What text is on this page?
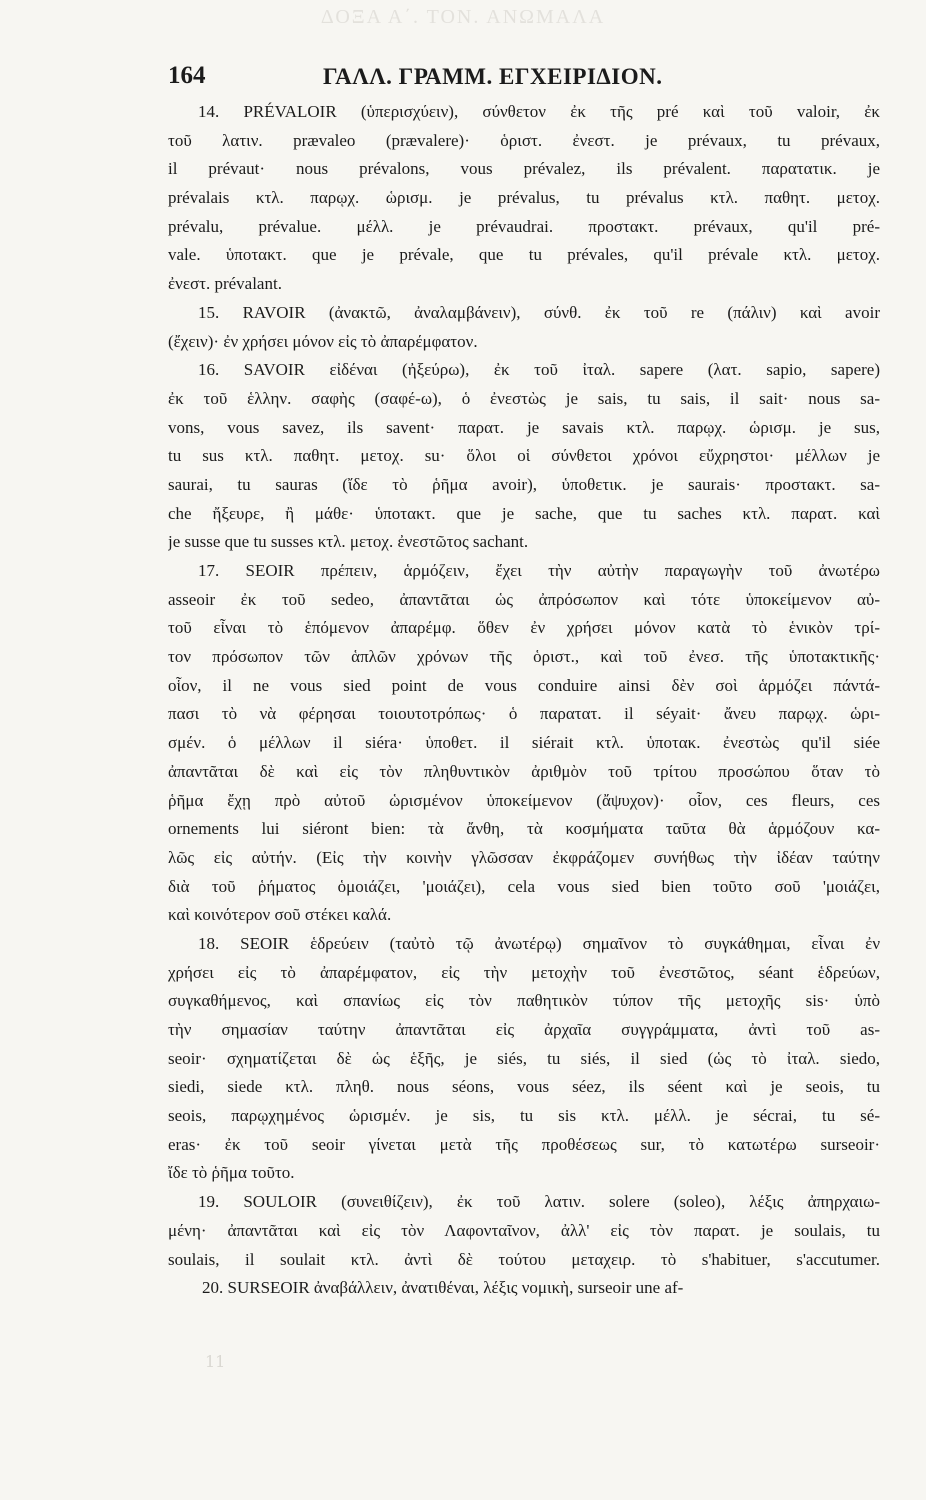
ΔΟΞΑ Α΄. ΤΟΝ. ΑΝΩΜΑΛΑ
164	ΓΑΛΛ. ΓΡΑΜΜ. ΕΓΧΕΙΡΙΔΙΟΝ.
14. PRÉVALOIR (ὑπερισχύειν), σύνθετον ἐκ τῆς pré καὶ τοῦ valoir, ἐκ
τοῦ λατιν. prævaleo (prævalere)· ὁριστ. ἐνεστ. je prévaux, tu prévaux,
il prévaut· nous prévalons, vous prévalez, ils prévalent. παρατατικ. je
prévalais κτλ. παρῳχ. ὡρισμ. je prévalus, tu prévalus κτλ. παθητ. μετοχ.
prévalu, prévalue. μέλλ. je prévaudrai. προστακτ. prévaux, qu'il pré-
vale. ὑποτακτ. que je prévale, que tu prévales, qu'il prévale κτλ. μετοχ.
ἐνεστ. prévalant.
15. RAVOIR (ἀνακτῶ, ἀναλαμβάνειν), σύνθ. ἐκ τοῦ re (πάλιν) καὶ avoir
(ἔχειν)· ἐν χρήσει μόνον εἰς τὸ ἀπαρέμφατον.
16. SAVOIR εἰδέναι (ἠξεύρω), ἐκ τοῦ ἰταλ. sapere (λατ. sapio, sapere)
ἐκ τοῦ ἑλλην. σαφὴς (σαφέ-ω), ὁ ἐνεστὼς je sais, tu sais, il sait· nous sa-
vons, vous savez, ils savent· παρατ. je savais κτλ. παρῳχ. ὡρισμ. je sus,
tu sus κτλ. παθητ. μετοχ. su· ὅλοι οἱ σύνθετοι χρόνοι εὔχρηστοι· μέλλων je
saurai, tu sauras (ἴδε τὸ ῥῆμα avoir), ὑποθετικ. je saurais· προστακτ. sa-
che ἤξευρε, ἢ μάθε· ὑποτακτ. que je sache, que tu saches κτλ. παρατ. καὶ
je susse que tu susses κτλ. μετοχ. ἐνεστῶτος sachant.
17. SEOIR πρέπειν, ἁρμόζειν, ἔχει τὴν αὐτὴν παραγωγὴν τοῦ ἀνωτέρω
asseoir ἐκ τοῦ sedeo, ἀπαντᾶται ὡς ἀπρόσωπον καὶ τότε ὑποκείμενον αὐ-
τοῦ εἶναι τὸ ἑπόμενον ἀπαρέμφ. ὅθεν ἐν χρήσει μόνον κατὰ τὸ ἑνικὸν τρί-
τον πρόσωπον τῶν ἁπλῶν χρόνων τῆς ὁριστ., καὶ τοῦ ἐνεσ. τῆς ὑποτακτικῆς·
οἷον, il ne vous sied point de vous conduire ainsi δὲν σοὶ ἁρμόζει πάντά-
πασι τὸ νὰ φέρησαι τοιουτοτρόπως· ὁ παρατατ. il séyait· ἄνευ παρῳχ. ὡρι-
σμέν. ὁ μέλλων il siéra· ὑποθετ. il siérait κτλ. ὑποτακ. ἐνεστὼς qu'il siée
ἀπαντᾶται δὲ καὶ εἰς τὸν πληθυντικὸν ἀριθμὸν τοῦ τρίτου προσώπου ὅταν τὸ
ῥῆμα ἔχῃ πρὸ αὐτοῦ ὡρισμένον ὑποκείμενον (ἄψυχον)· οἷον, ces fleurs, ces
ornements lui siéront bien: τὰ ἄνθη, τὰ κοσμήματα ταῦτα θὰ ἁρμόζουν κα-
λῶς εἰς αὐτήν. (Εἰς τὴν κοινὴν γλῶσσαν ἐκφράζομεν συνήθως τὴν ἰδέαν ταύτην
διὰ τοῦ ῥήματος ὁμοιάζει, 'μοιάζει), cela vous sied bien τοῦτο σοῦ 'μοιάζει,
καὶ κοινότερον σοῦ στέκει καλά.
18. SEOIR ἑδρεύειν (ταὐτὸ τῷ ἀνωτέρῳ) σημαῖνον τὸ συγκάθημαι, εἶναι ἐν
χρήσει εἰς τὸ ἀπαρέμφατον, εἰς τὴν μετοχὴν τοῦ ἐνεστῶτος, séant ἑδρεύων,
συγκαθήμενος, καὶ σπανίως εἰς τὸν παθητικὸν τύπον τῆς μετοχῆς sis· ὑπὸ
τὴν σημασίαν ταύτην ἀπαντᾶται εἰς ἀρχαῖα συγγράμματα, ἀντὶ τοῦ as-
seoir· σχηματίζεται δὲ ὡς ἑξῆς, je siés, tu siés, il sied (ὡς τὸ ἰταλ. siedo,
siedi, siede κτλ. πληθ. nous séons, vous séez, ils séent καὶ je seois, tu
seois, παρῳχημένος ὡρισμέν. je sis, tu sis κτλ. μέλλ. je sécrai, tu sé-
eras· ἐκ τοῦ seoir γίνεται μετὰ τῆς προθέσεως sur, τὸ κατωτέρω surseoir·
ἴδε τὸ ῥῆμα τοῦτο.
19. SOULOIR (συνειθίζειν), ἐκ τοῦ λατιν. solere (soleo), λέξις ἀπηρχαιω-
μένη· ἀπαντᾶται καὶ εἰς τὸν Λαφονταῖνον, ἀλλ' εἰς τὸν παρατ. je soulais, tu
soulais, il soulait κτλ. ἀντὶ δὲ τούτου μεταχειρ. τὸ s'habituer, s'accutumer.
20. SURSEOIR ἀναβάλλειν, ἀνατιθέναι, λέξις νομικὴ, surseoir une af-
11
